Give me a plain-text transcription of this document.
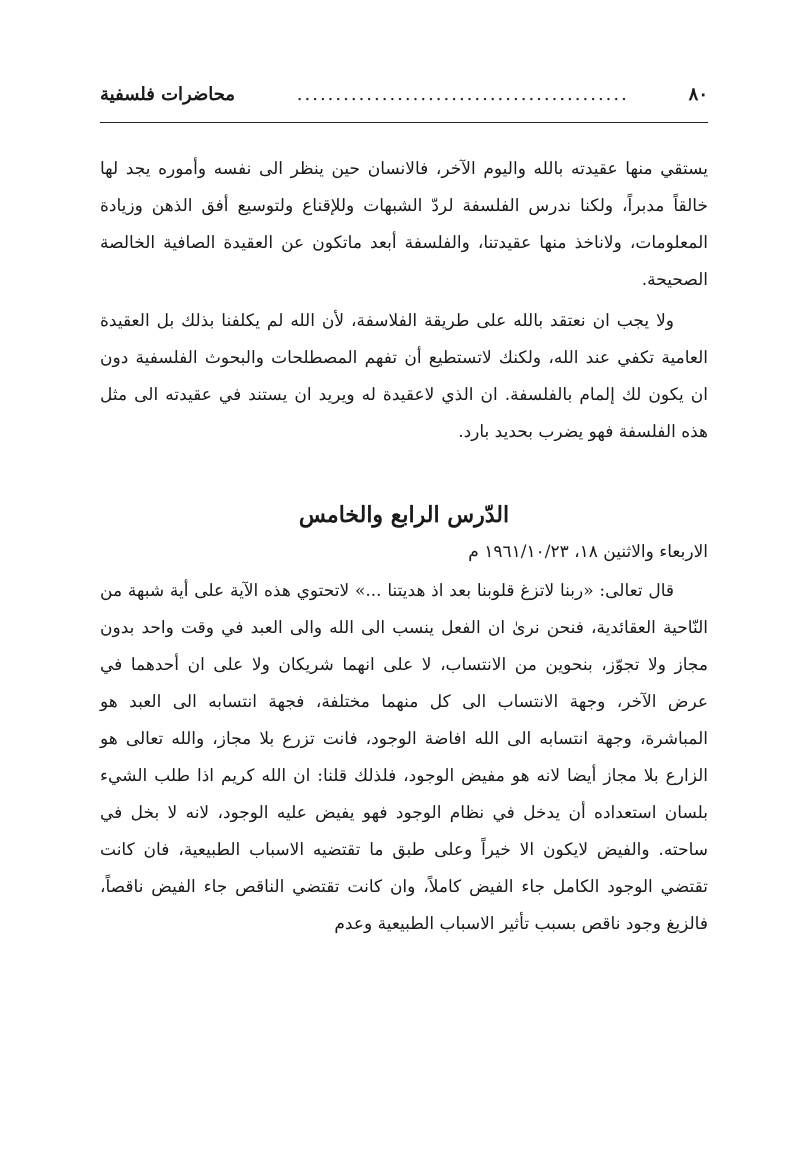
٨٠
...........................................
محاضرات فلسفية

يستقي منها عقيدته بالله واليوم الآخر، فالانسان حين ينظر الى نفسه وأموره يجد لها خالقاً مدبراً، ولكنا ندرس الفلسفة لردّ الشبهات وللإقناع ولتوسيع أفق الذهن وزيادة المعلومات، ولاناخذ منها عقيدتنا، والفلسفة أبعد ماتكون عن العقيدة الصافية الخالصة الصحيحة.

ولا يجب ان نعتقد بالله على طريقة الفلاسفة، لأن الله لم يكلفنا بذلك بل العقيدة العامية تكفي عند الله، ولكنك لاتستطيع أن تفهم المصطلحات والبحوث الفلسفية دون ان يكون لك إلمام بالفلسفة. ان الذي لاعقيدة له ويريد ان يستند في عقيدته الى مثل هذه الفلسفة فهو يضرب بحديد بارد.

الدّرس الرابع والخامس
الاربعاء والاثنين ١٨، ١٩٦١/١٠/٢٣ م

قال تعالى: «ربنا لاتزغ قلوبنا بعد اذ هديتنا ...» لاتحتوي هذه الآية على أية شبهة من النّاحية العقائدية، فنحن نرىٰ ان الفعل ينسب الى الله والى العبد في وقت واحد بدون مجاز ولا تجوّز، بنحوين من الانتساب، لا على انهما شريكان ولا على ان أحدهما في عرض الآخر، وجهة الانتساب الى كل منهما مختلفة، فجهة انتسابه الى العبد هو المباشرة، وجهة انتسابه الى الله افاضة الوجود، فانت تزرع بلا مجاز، والله تعالى هو الزارع بلا مجاز أيضا لانه هو مفيض الوجود، فلذلك قلنا: ان الله كريم اذا طلب الشيء بلسان استعداده أن يدخل في نظام الوجود فهو يفيض عليه الوجود، لانه لا بخل في ساحته. والفيض لايكون الا خيراً وعلى طبق ما تقتضيه الاسباب الطبيعية، فان كانت تقتضي الوجود الكامل جاء الفيض كاملاً، وان كانت تقتضي الناقص جاء الفيض ناقصاً، فالزيغ وجود ناقص بسبب تأثير الاسباب الطبيعية وعدم
